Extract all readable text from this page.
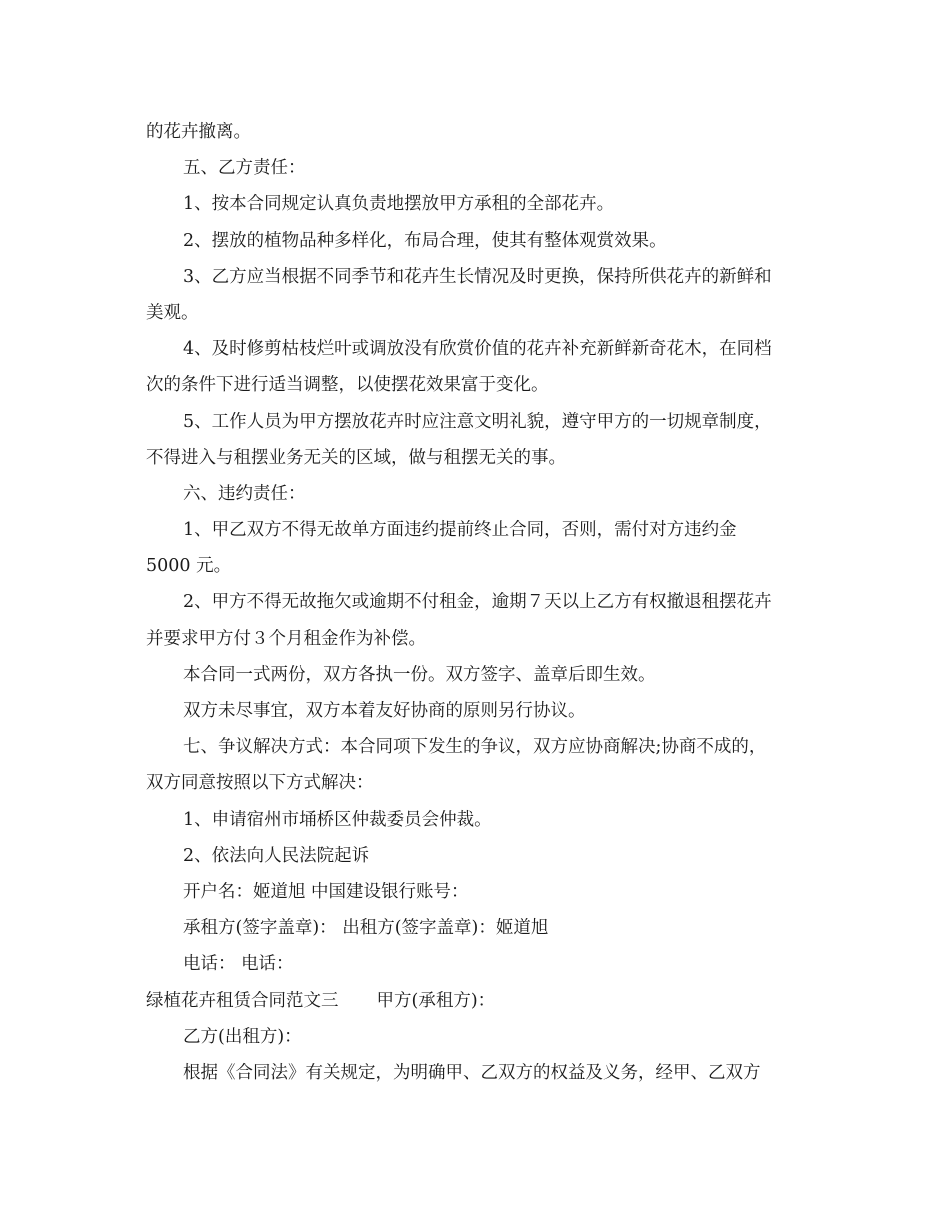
的花卉撤离。
五、乙方责任：
1、按本合同规定认真负责地摆放甲方承租的全部花卉。
2、摆放的植物品种多样化，布局合理，使其有整体观赏效果。
3、乙方应当根据不同季节和花卉生长情况及时更换，保持所供花卉的新鲜和
美观。
4、及时修剪枯枝烂叶或调放没有欣赏价值的花卉补充新鲜新奇花木，在同档
次的条件下进行适当调整，以使摆花效果富于变化。
5、工作人员为甲方摆放花卉时应注意文明礼貌，遵守甲方的一切规章制度，
不得进入与租摆业务无关的区域，做与租摆无关的事。
六、违约责任：
1、甲乙双方不得无故单方面违约提前终止合同，否则，需付对方违约金
5000 元。
2、甲方不得无故拖欠或逾期不付租金，逾期７天以上乙方有权撤退租摆花卉
并要求甲方付３个月租金作为补偿。
本合同一式两份，双方各执一份。双方签字、盖章后即生效。
双方未尽事宜，双方本着友好协商的原则另行协议。
七、争议解决方式：本合同项下发生的争议，双方应协商解决;协商不成的，
双方同意按照以下方式解决：
1、申请宿州市埇桥区仲裁委员会仲裁。
2、依法向人民法院起诉
开户名：姬道旭 中国建设银行账号：
承租方(签字盖章)： 出租方(签字盖章)：姬道旭
电话： 电话：
绿植花卉租赁合同范文三 甲方(承租方)：
乙方(出租方)：
根据《合同法》有关规定，为明确甲、乙双方的权益及义务，经甲、乙双方
